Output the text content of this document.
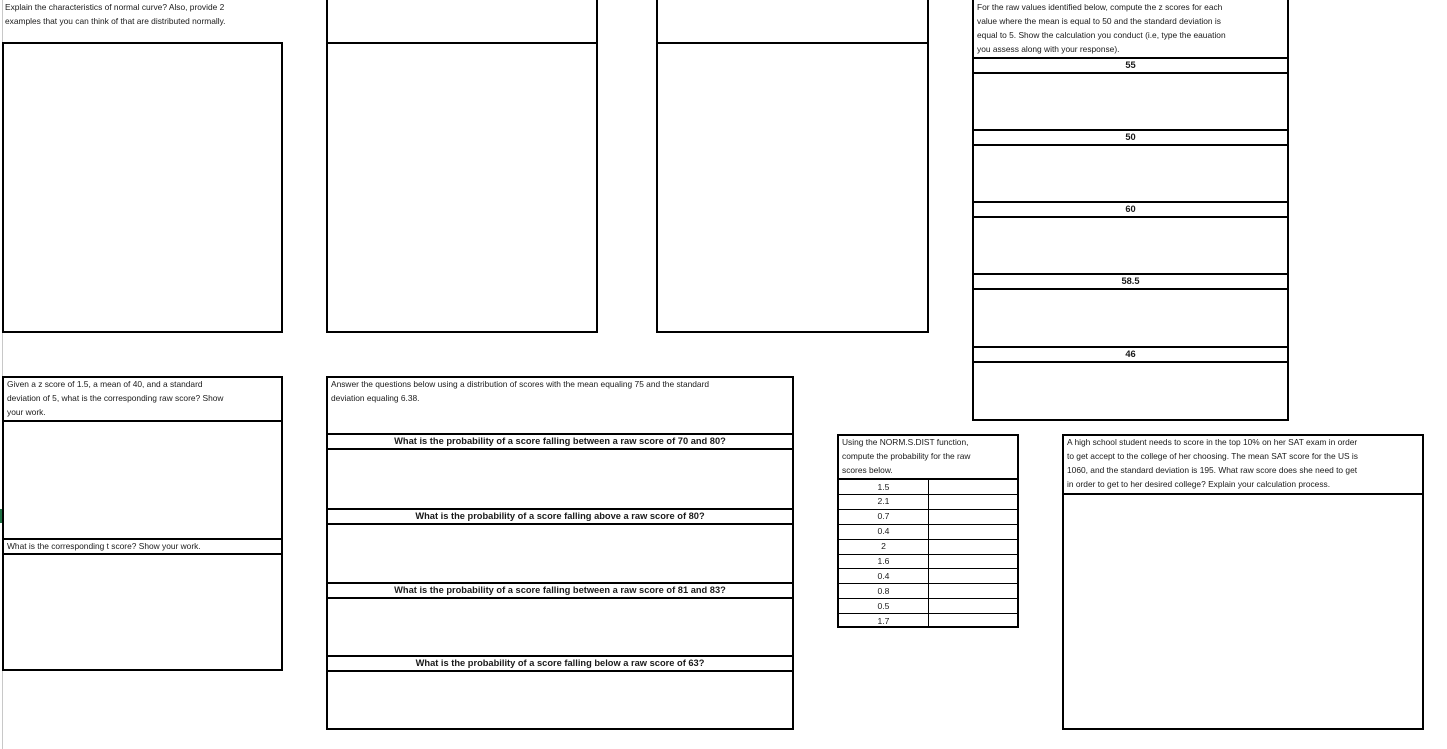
Explain the characteristics of normal curve? Also, provide 2
examples that you can think of that are distributed normally.
For the raw values identified below, compute the z scores for each
value where the mean is equal to 50 and the standard deviation is
equal to 5. Show the calculation you conduct (i.e, type the eauation
you assess along with your response).
55
50
60
58.5
46
Given a z score of 1.5, a mean of 40, and a standard
deviation of 5, what is the corresponding raw score? Show
your work.
What is the corresponding t score? Show your work.
Answer the questions below using a distribution of scores with the mean equaling 75 and the standard
deviation equaling 6.38.
What is the probability of a score falling between a raw score of 70 and 80?
What is the probability of a score falling above a raw score of 80?
What is the probability of a score falling between a raw score of 81 and 83?
What is the probability of a score falling below a raw score of 63?
Using the NORM.S.DIST function,
compute the probability for the raw
scores below.
1.5
2.1
0.7
0.4
2
1.6
0.4
0.8
0.5
1.7
A high school student needs to score in the top 10% on her SAT exam in order
to get accept to the college of her choosing. The mean SAT score for the US is
1060, and the standard deviation is 195. What raw score does she need to get
in order to get to her desired college? Explain your calculation process.
